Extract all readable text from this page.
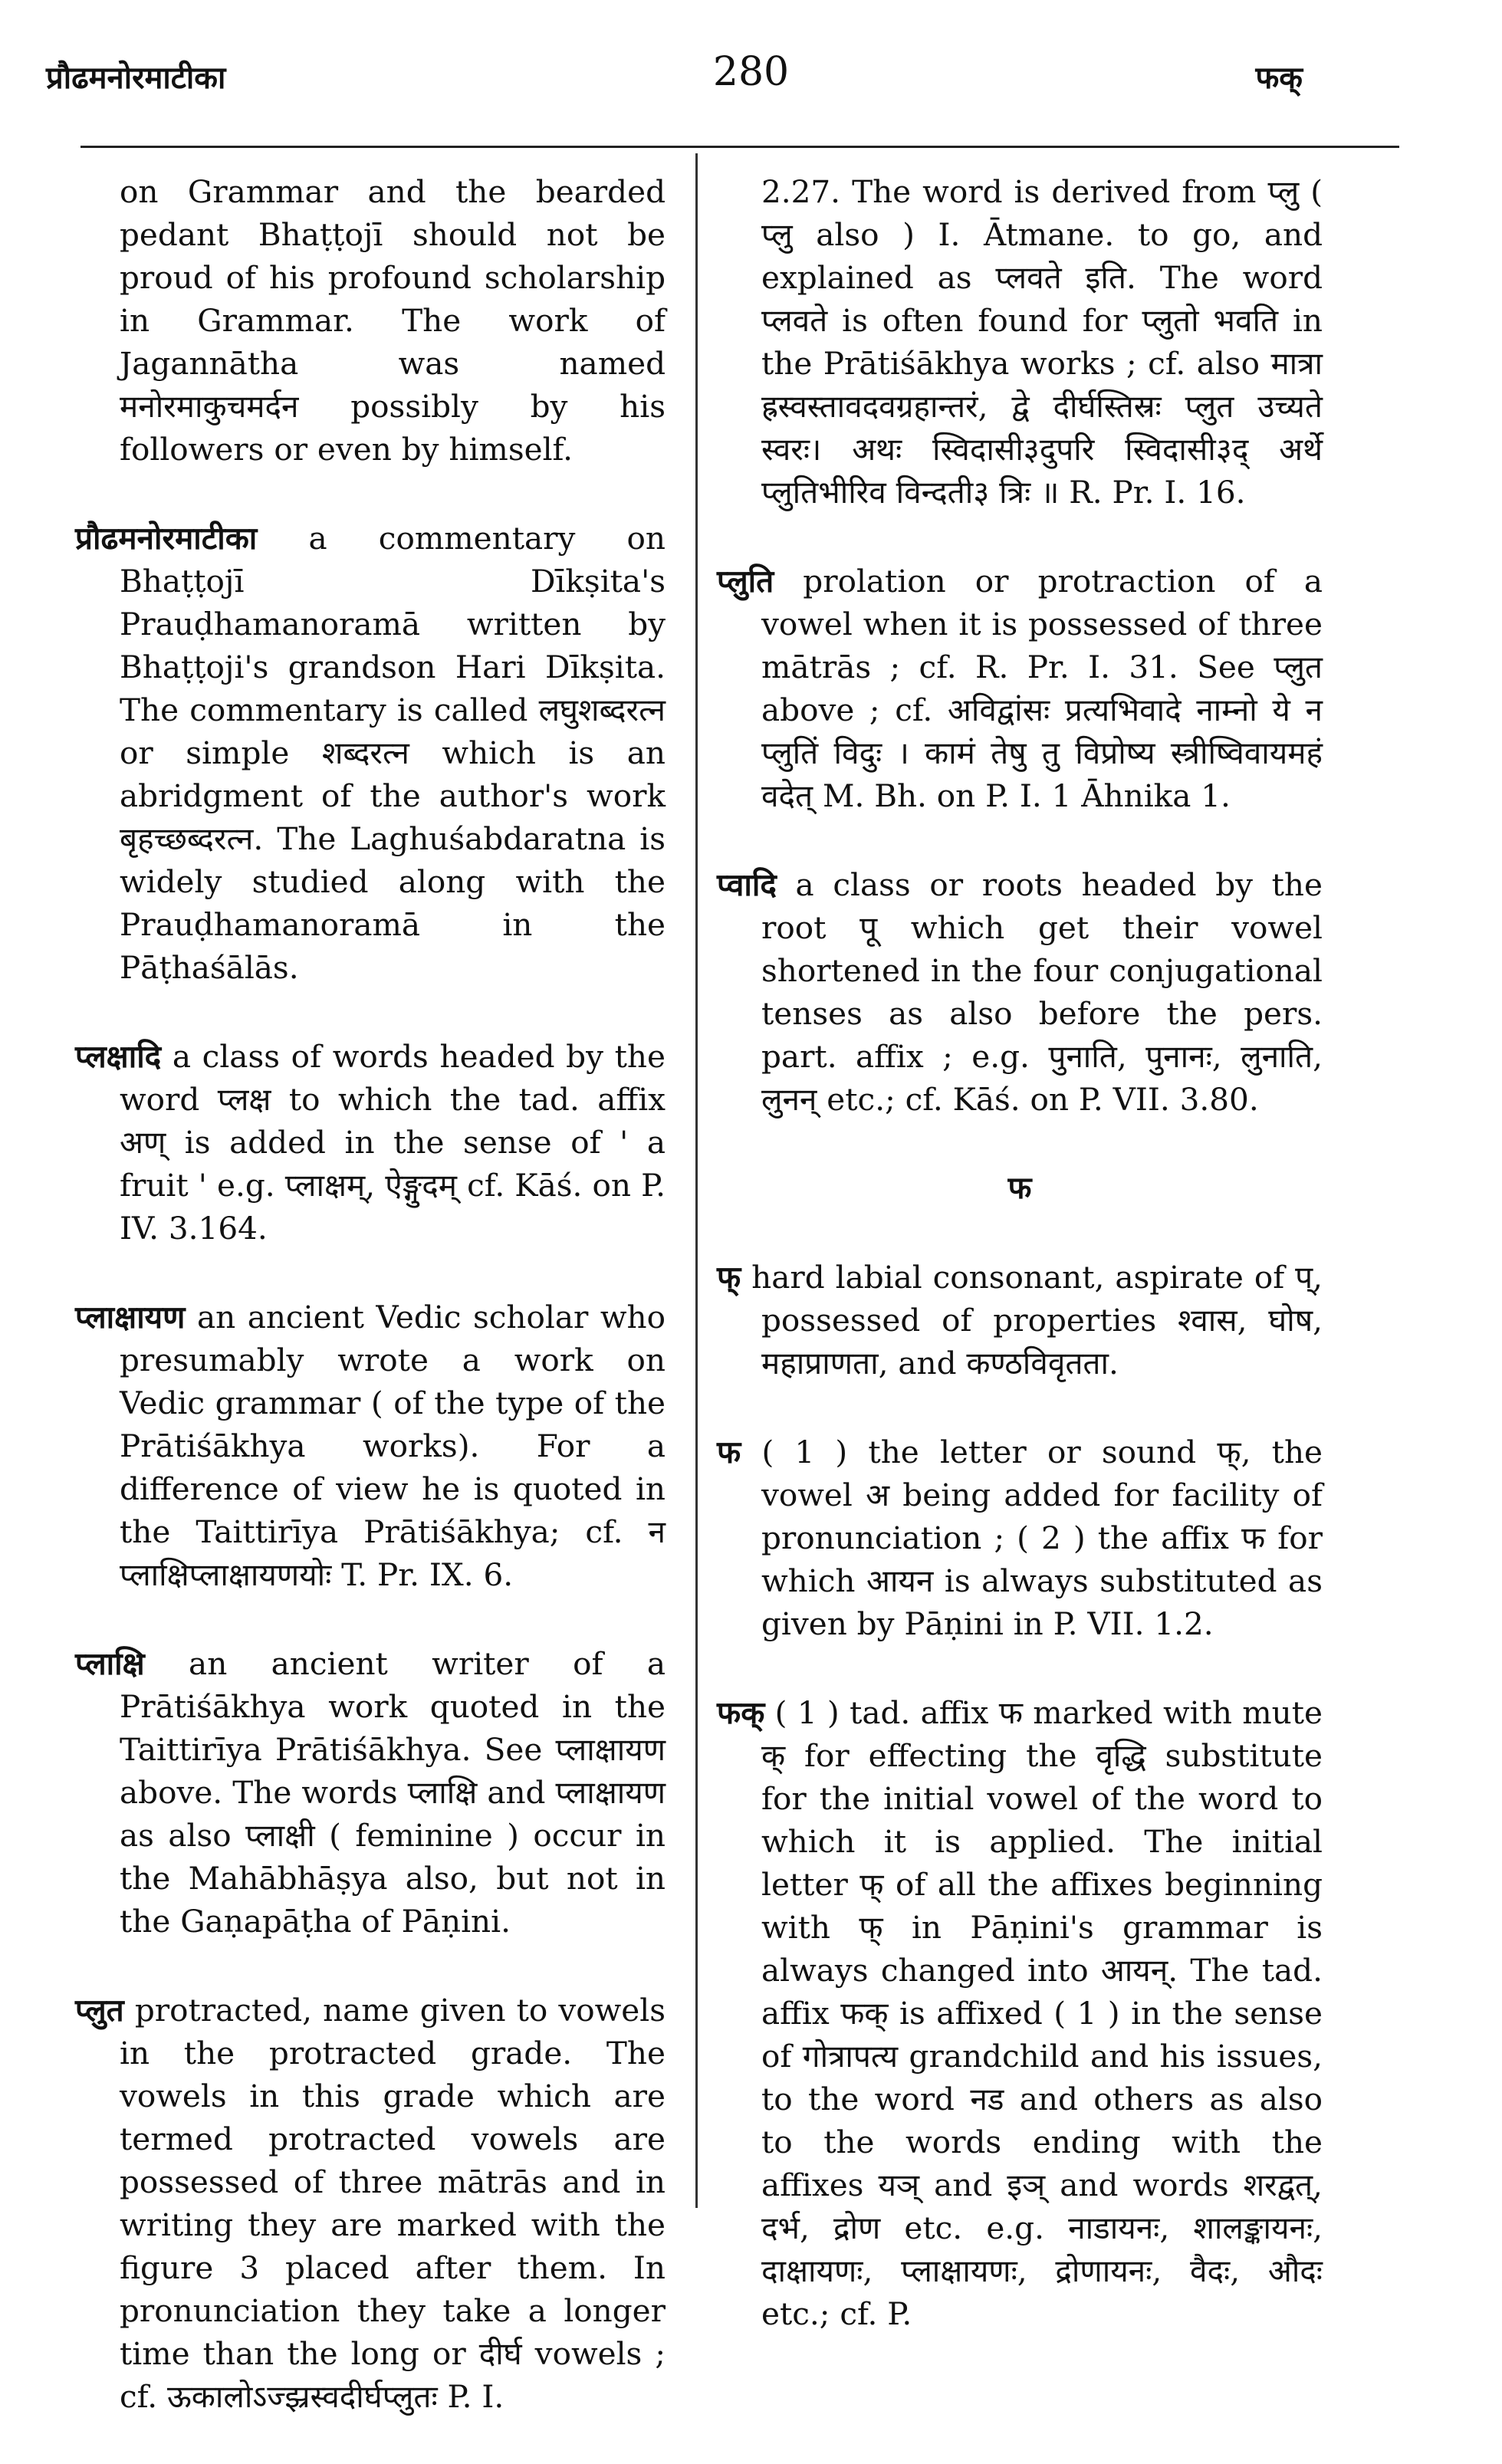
प्रौढमनोरमाटीका	280	फक्

on Grammar and the bearded pedant Bhaṭṭojī should not be proud of his profound scholarship in Grammar. The work of Jagannātha was named मनोरमाकुचमर्दन possibly by his followers or even by himself.

प्रौढमनोरमाटीका a commentary on Bhaṭṭojī Dīkṣita's Prauḍhamanoramā written by Bhaṭṭoji's grandson Hari Dīkṣita. The commentary is called लघुशब्दरत्न or simple शब्दरत्न which is an abridgment of the author's work बृहच्छब्दरत्न. The Laghuśabdaratna is widely studied along with the Prauḍhamanoramā in the Pāṭhaśālās.

प्लक्षादि a class of words headed by the word प्लक्ष to which the tad. affix अण् is added in the sense of ' a fruit ' e.g. प्लाक्षम्, ऐङ्गुदम् cf. Kāś. on P. IV. 3.164.

प्लाक्षायण an ancient Vedic scholar who presumably wrote a work on Vedic grammar ( of the type of the Prātiśākhya works). For a difference of view he is quoted in the Taittirīya Prātiśākhya; cf. न प्लाक्षिप्लाक्षायणयोः T. Pr. IX. 6.

प्लाक्षि an ancient writer of a Prātiśākhya work quoted in the Taittirīya Prātiśākhya. See प्लाक्षायण above. The words प्लाक्षि and प्लाक्षायण as also प्लाक्षी ( feminine ) occur in the Mahābhāṣya also, but not in the Gaṇapāṭha of Pāṇini.

प्लुत protracted, name given to vowels in the protracted grade. The vowels in this grade which are termed protracted vowels are possessed of three mātrās and in writing they are marked with the figure 3 placed after them. In pronunciation they take a longer time than the long or दीर्घ vowels ; cf. ऊकालोऽज्झ्रस्वदीर्घप्लुतः P. I.

2.27. The word is derived from प्लु ( प्लु also ) I. Ātmane. to go, and explained as प्लवते इति. The word प्लवते is often found for प्लुतो भवति in the Prātiśākhya works ; cf. also मात्रा ह्रस्वस्तावदवग्रहान्तरं, द्वे दीर्घस्तिस्रः प्लुत उच्यते स्वरः। अथः स्विदासी३दुपरि स्विदासी३द् अर्थे प्लुतिभीरिव विन्दती३ त्रिः ॥ R. Pr. I. 16.

प्लुति prolation or protraction of a vowel when it is possessed of three mātrās ; cf. R. Pr. I. 31. See प्लुत above ; cf. अविद्वांसः प्रत्यभिवादे नाम्नो ये न प्लुतिं विदुः । कामं तेषु तु विप्रोष्य स्त्रीष्विवायमहं वदेत् M. Bh. on P. I. 1 Āhnika 1.

प्वादि a class or roots headed by the root पू which get their vowel shortened in the four conjugational tenses as also before the pers. part. affix ; e.g. पुनाति, पुनानः, लुनाति, लुनन् etc.; cf. Kāś. on P. VII. 3.80.

फ

फ् hard labial consonant, aspirate of प्, possessed of properties श्वास, घोष, महाप्राणता, and कण्ठविवृतता.

फ ( 1 ) the letter or sound फ्, the vowel अ being added for facility of pronunciation ; ( 2 ) the affix फ for which आयन is always substituted as given by Pāṇini in P. VII. 1.2.

फक् ( 1 ) tad. affix फ marked with mute क् for effecting the वृद्धि substitute for the initial vowel of the word to which it is applied. The initial letter फ् of all the affixes beginning with फ् in Pāṇini's grammar is always changed into आयन्. The tad. affix फक् is affixed ( 1 ) in the sense of गोत्रापत्य grandchild and his issues, to the word नड and others as also to the words ending with the affixes यञ् and इञ् and words शरद्वत्, दर्भ, द्रोण etc. e.g. नाडायनः, शालङ्कायनः, दाक्षायणः, प्लाक्षायणः, द्रोणायनः, वैदः, औदः etc.; cf. P.
